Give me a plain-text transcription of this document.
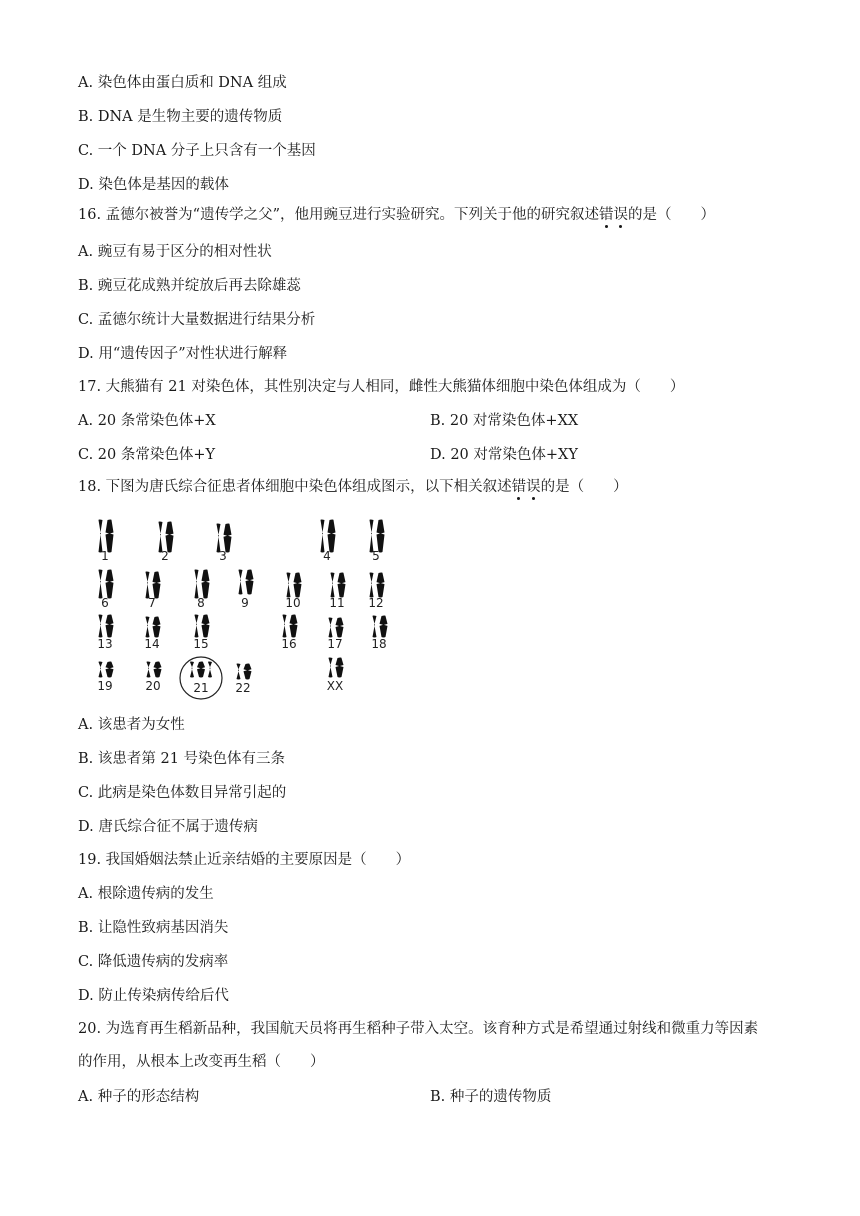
A. 染色体由蛋白质和 DNA 组成
B. DNA 是生物主要的遗传物质
C. 一个 DNA 分子上只含有一个基因
D. 染色体是基因的载体
16. 孟德尔被誉为“遗传学之父”，他用豌豆进行实验研究。下列关于他的研究叙述错误的是（　　）
A. 豌豆有易于区分的相对性状
B. 豌豆花成熟并绽放后再去除雄蕊
C. 孟德尔统计大量数据进行结果分析
D. 用“遗传因子”对性状进行解释
17. 大熊猫有 21 对染色体，其性别决定与人相同，雌性大熊猫体细胞中染色体组成为（　　）
A. 20 条常染色体+X	B. 20 对常染色体+XX
C. 20 条常染色体+Y	D. 20 对常染色体+XY
18. 下图为唐氏综合征患者体细胞中染色体组成图示，以下相关叙述错误的是（　　）
1	2	3	4	5
6	7	8	9	10 11 12
13	14	15	16	17 18
19	20	21 22	XX
A. 该患者为女性
B. 该患者第 21 号染色体有三条
C. 此病是染色体数目异常引起的
D. 唐氏综合征不属于遗传病
19. 我国婚姻法禁止近亲结婚的主要原因是（　　）
A. 根除遗传病的发生
B. 让隐性致病基因消失
C. 降低遗传病的发病率
D. 防止传染病传给后代
20. 为选育再生稻新品种，我国航天员将再生稻种子带入太空。该育种方式是希望通过射线和微重力等因素
的作用，从根本上改变再生稻（　　）
A. 种子的形态结构	B. 种子的遗传物质
